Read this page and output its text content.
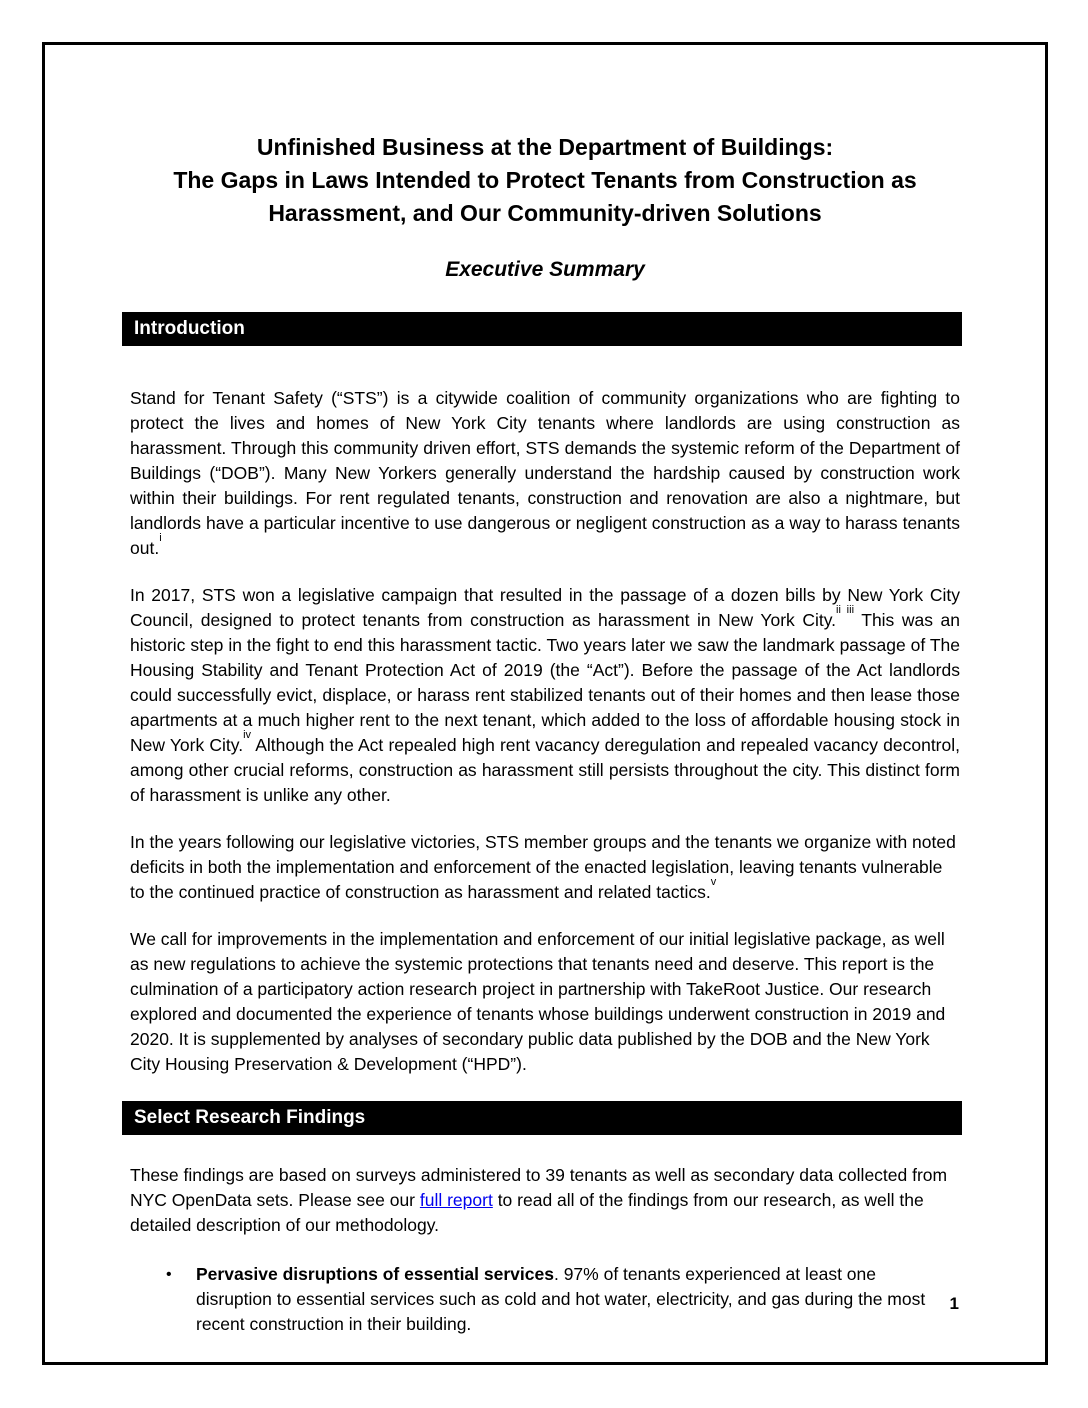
Unfinished Business at the Department of Buildings:
The Gaps in Laws Intended to Protect Tenants from Construction as
Harassment, and Our Community-driven Solutions
Executive Summary
Introduction

Stand for Tenant Safety (“STS”) is a citywide coalition of community organizations who are fighting to protect the lives and homes of New York City tenants where landlords are using construction as harassment. Through this community driven effort, STS demands the systemic reform of the Department of Buildings (“DOB”). Many New Yorkers generally understand the hardship caused by construction work within their buildings. For rent regulated tenants, construction and renovation are also a nightmare, but landlords have a particular incentive to use dangerous or negligent construction as a way to harass tenants out.$^i$

In 2017, STS won a legislative campaign that resulted in the passage of a dozen bills by New York City Council, designed to protect tenants from construction as harassment in New York City.$^{ii iii}$ This was an historic step in the fight to end this harassment tactic. Two years later we saw the landmark passage of The Housing Stability and Tenant Protection Act of 2019 (the “Act”). Before the passage of the Act landlords could successfully evict, displace, or harass rent stabilized tenants out of their homes and then lease those apartments at a much higher rent to the next tenant, which added to the loss of affordable housing stock in New York City.$^{iv}$ Although the Act repealed high rent vacancy deregulation and repealed vacancy decontrol, among other crucial reforms, construction as harassment still persists throughout the city. This distinct form of harassment is unlike any other.

In the years following our legislative victories, STS member groups and the tenants we organize with noted deficits in both the implementation and enforcement of the enacted legislation, leaving tenants vulnerable to the continued practice of construction as harassment and related tactics.$^v$

We call for improvements in the implementation and enforcement of our initial legislative package, as well as new regulations to achieve the systemic protections that tenants need and deserve. This report is the culmination of a participatory action research project in partnership with TakeRoot Justice. Our research explored and documented the experience of tenants whose buildings underwent construction in 2019 and 2020. It is supplemented by analyses of secondary public data published by the DOB and the New York City Housing Preservation & Development (“HPD”).

Select Research Findings

These findings are based on surveys administered to 39 tenants as well as secondary data collected from NYC OpenData sets. Please see our full report to read all of the findings from our research, as well the detailed description of our methodology.

•	Pervasive disruptions of essential services. 97% of tenants experienced at least one disruption to essential services such as cold and hot water, electricity, and gas during the most recent construction in their building.
1
